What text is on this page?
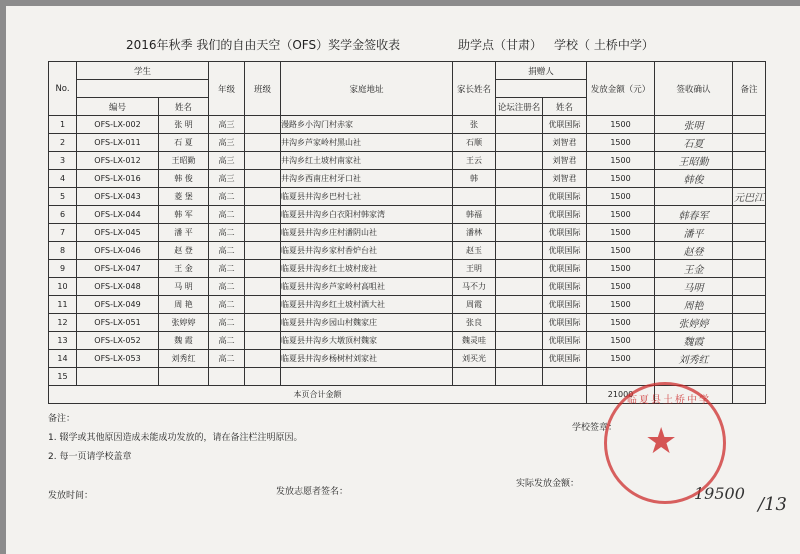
2016年秋季 我们的自由天空（OFS）奖学金签收表	助学点（甘肃） 学校（ 土桥中学）
No.	学生		年级	班级	家庭地址	家长姓名	捐赠人		发放金额（元）	签收确认	备注

	编号	姓名					论坛注册名	姓名			
1	OFS-LX-002	张 明	高三		漫路乡小沟门村赤家	张		优联国际	1500	张明	
2	OFS-LX-011	石 夏	高三		井沟乡芦家岭村黑山社	石顺		刘智君	1500	石夏	
3	OFS-LX-012	王昭勤	高三		井沟乡红土坡村南家社	王云		刘智君	1500	王昭勤	
4	OFS-LX-016	韩 俊	高三		井沟乡西南庄村牙口社	韩		刘智君	1500	韩俊	
5	OFS-LX-043	菱 堡	高二		临夏县井沟乡巴村七社			优联国际	1500		元巴江
6	OFS-LX-044	韩 军	高二		临夏县井沟乡白衣阳村韩家湾	韩福		优联国际	1500	韩春军	
7	OFS-LX-045	潘 平	高二		临夏县井沟乡庄村潘阴山社	潘林		优联国际	1500	潘平	
8	OFS-LX-046	赵 登	高二		临夏县井沟乡家村香炉台社	赵玉		优联国际	1500	赵登	
9	OFS-LX-047	王 金	高二		临夏县井沟乡红土坡村庞社	王明		优联国际	1500	王金	
10	OFS-LX-048	马 明	高二		临夏县井沟乡芦家岭村高咀社	马不力		优联国际	1500	马明	
11	OFS-LX-049	周 艳	高二		临夏县井沟乡红土坡村酒大社	周霞		优联国际	1500	周艳	
12	OFS-LX-051	张婷婷	高二		临夏县井沟乡园山村魏家庄	张良		优联国际	1500	张婷婷	
13	OFS-LX-052	魏 霞	高二		临夏县井沟乡大墩顶村魏家	魏灵哇		优联国际	1500	魏霞	
14	OFS-LX-053	刘秀红	高二		临夏县井沟乡杨树村刘家社	刘买光		优联国际	1500	刘秀红	
15											
本页合计金额									21000		
备注：
1. 辍学或其他原因造成未能成功发放的，请在备注栏注明原因。
2. 每一页请学校盖章
学校签章：
发放时间：	发放志愿者签名：
实际发放金额：	19500
/13
临夏县土桥中学
★
